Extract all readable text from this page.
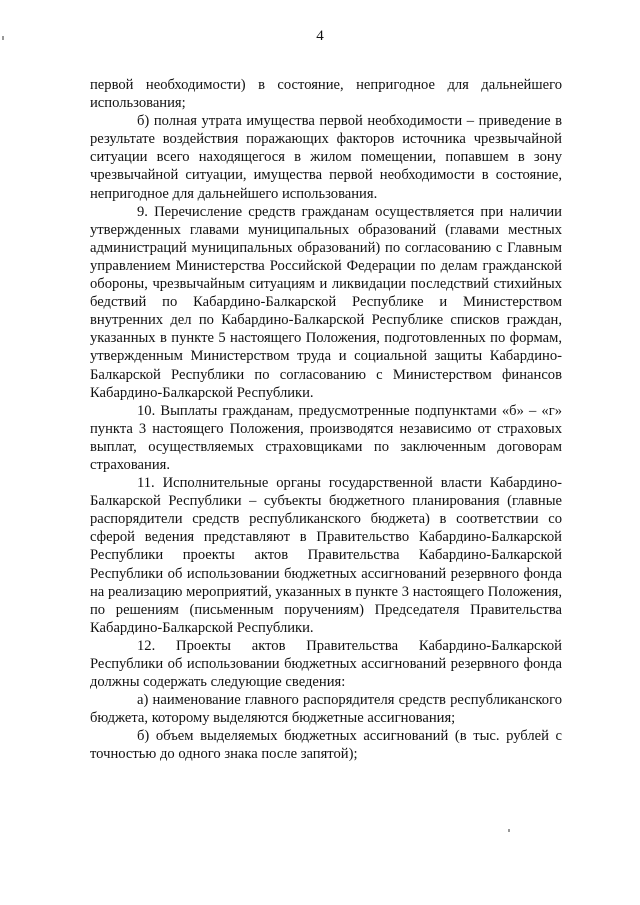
4

первой необходимости) в состояние, непригодное для дальнейшего использования;

б) полная утрата имущества первой необходимости – приведение в результате воздействия поражающих факторов источника чрезвычайной ситуации всего находящегося в жилом помещении, попавшем в зону чрезвычайной ситуации, имущества первой необходимости в состояние, непригодное для дальнейшего использования.

9. Перечисление средств гражданам осуществляется при наличии утвержденных главами муниципальных образований (главами местных администраций муниципальных образований) по согласованию с Главным управлением Министерства Российской Федерации по делам гражданской обороны, чрезвычайным ситуациям и ликвидации последствий стихийных бедствий по Кабардино-Балкарской Республике и Министерством внутренних дел по Кабардино-Балкарской Республике списков граждан, указанных в пункте 5 настоящего Положения, подготовленных по формам, утвержденным Министерством труда и социальной защиты Кабардино-Балкарской Республики по согласованию с Министерством финансов Кабардино-Балкарской Республики.

10. Выплаты гражданам, предусмотренные подпунктами «б» – «г» пункта 3 настоящего Положения, производятся независимо от страховых выплат, осуществляемых страховщиками по заключенным договорам страхования.

11. Исполнительные органы государственной власти Кабардино-Балкарской Республики – субъекты бюджетного планирования (главные распорядители средств республиканского бюджета) в соответствии со сферой ведения представляют в Правительство Кабардино-Балкарской Республики проекты актов Правительства Кабардино-Балкарской Республики об использовании бюджетных ассигнований резервного фонда на реализацию мероприятий, указанных в пункте 3 настоящего Положения, по решениям (письменным поручениям) Председателя Правительства Кабардино-Балкарской Республики.

12. Проекты актов Правительства Кабардино-Балкарской Республики об использовании бюджетных ассигнований резервного фонда должны содержать следующие сведения:

а) наименование главного распорядителя средств республиканского бюджета, которому выделяются бюджетные ассигнования;

б) объем выделяемых бюджетных ассигнований (в тыс. рублей с точностью до одного знака после запятой);
